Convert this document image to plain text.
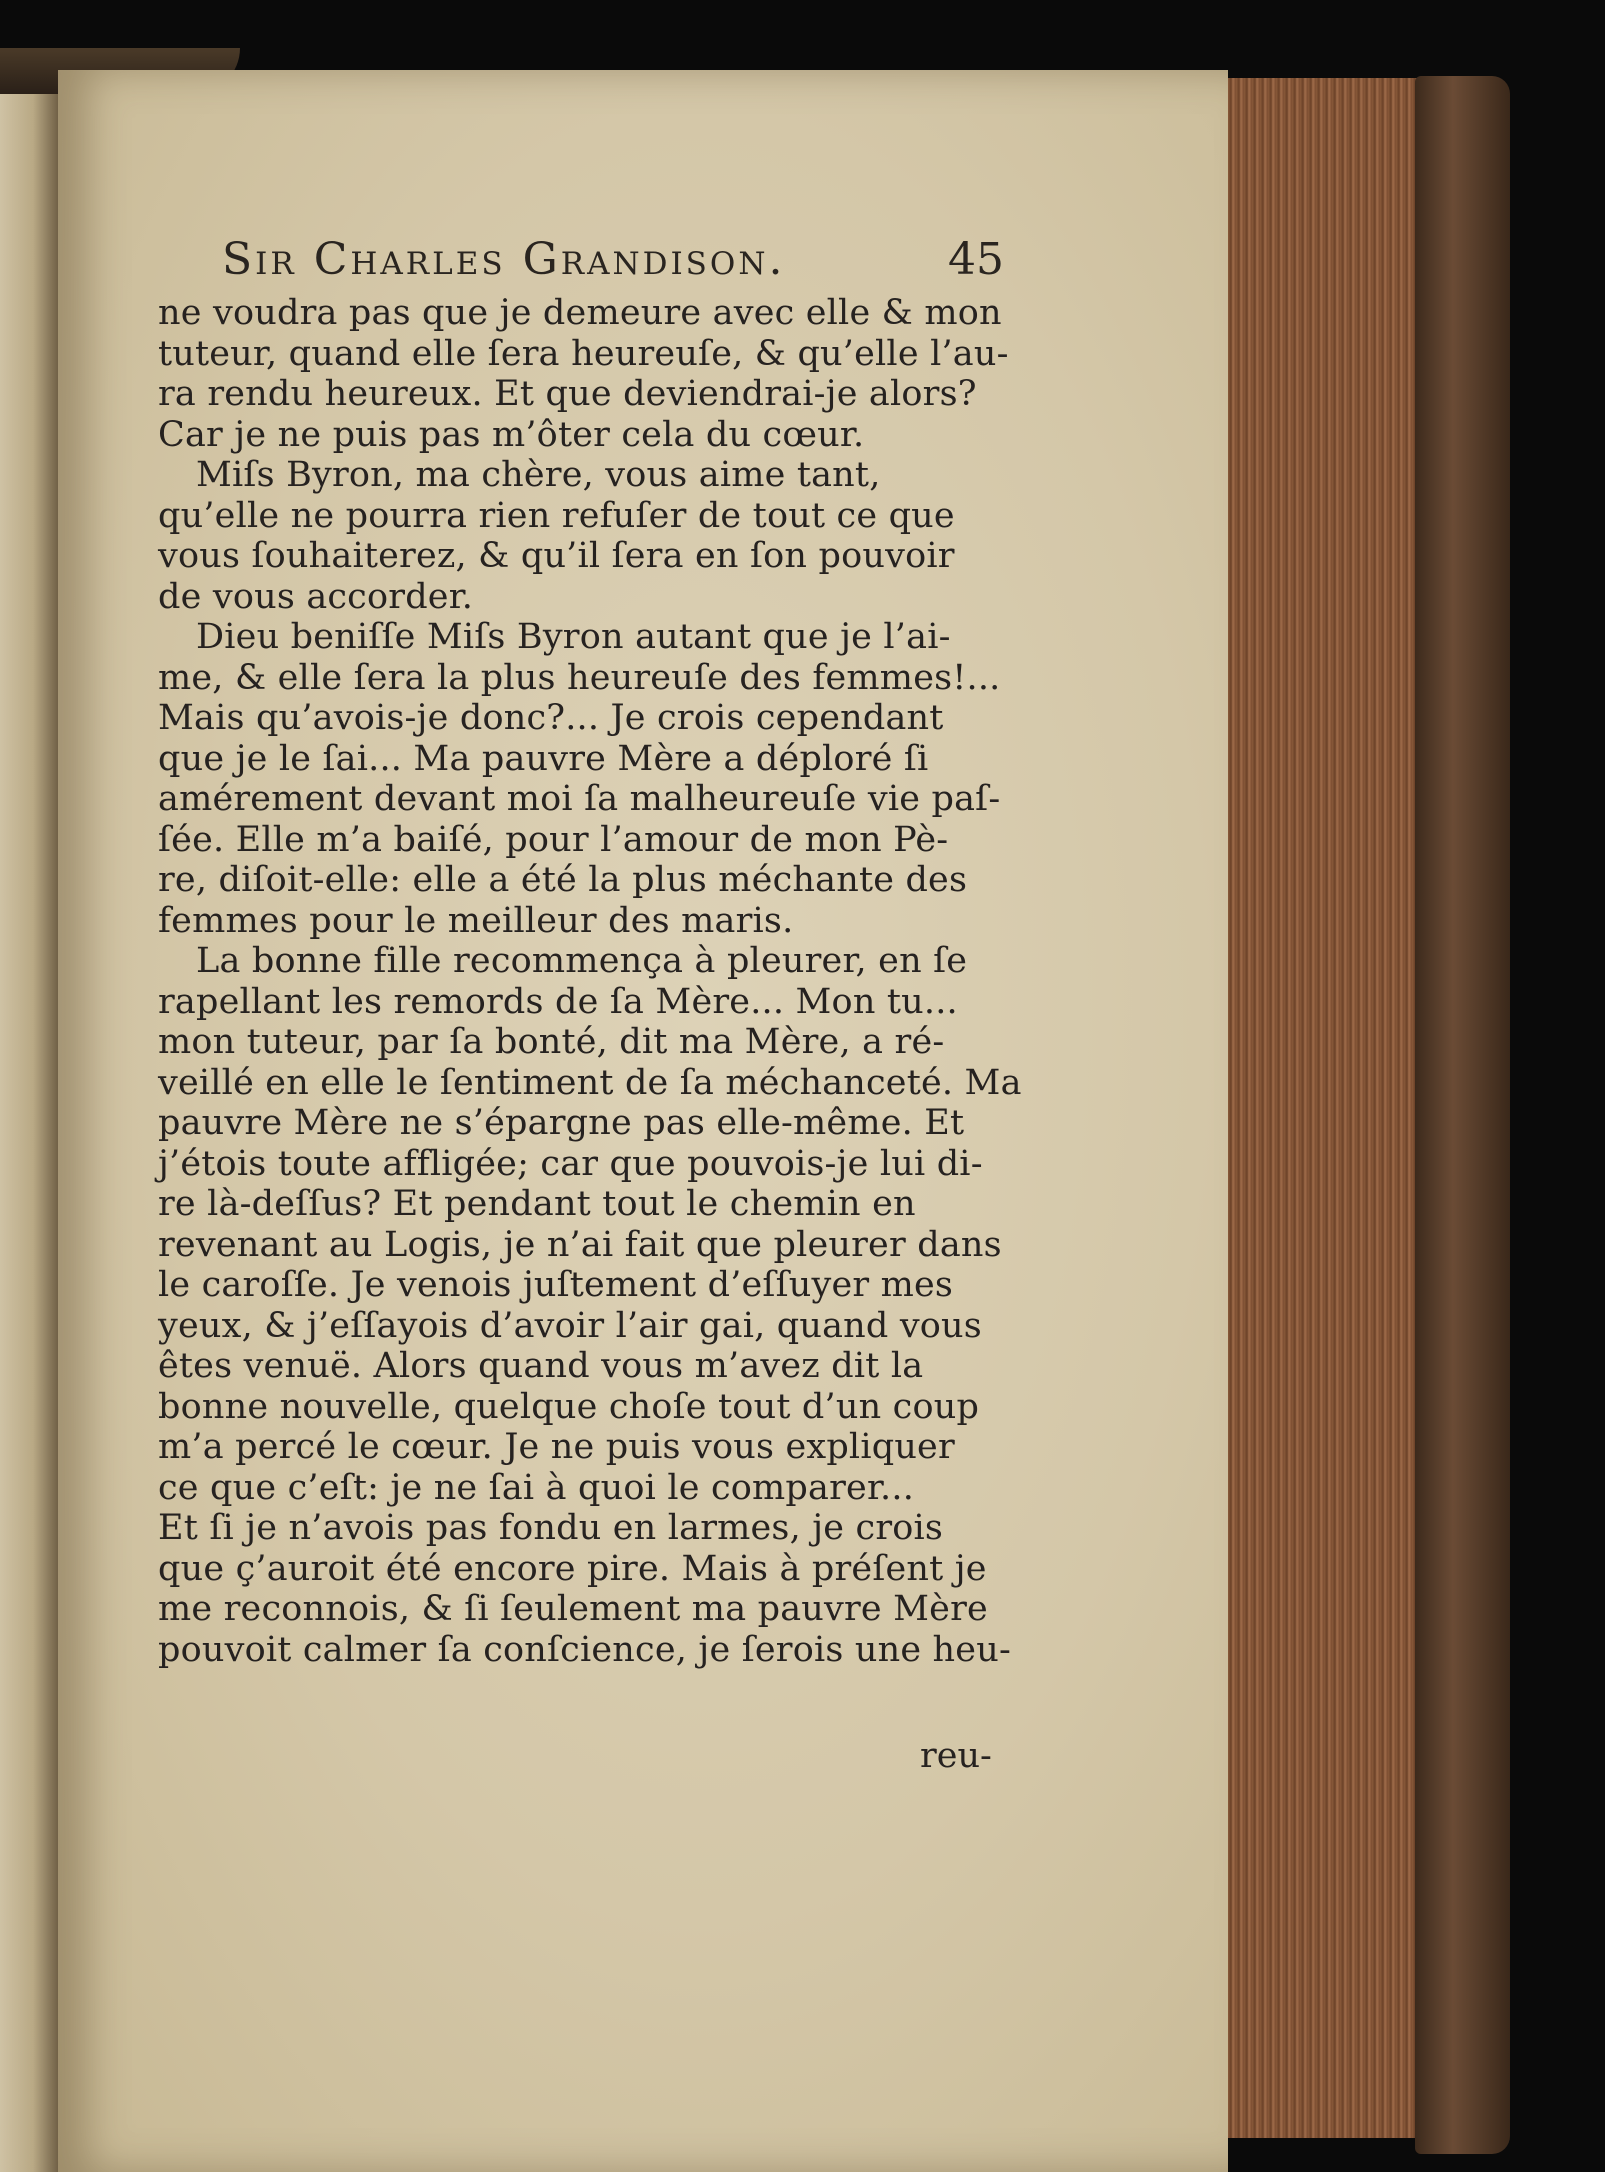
Sir Charles Grandison.	45
ne voudra pas que je demeure avec elle & mon
tuteur, quand elle ſera heureuſe, & qu’elle l’au-
ra rendu heureux. Et que deviendrai-je alors?
Car je ne puis pas m’ôter cela du cœur.
Miſs Byron, ma chère, vous aime tant,
qu’elle ne pourra rien refuſer de tout ce que
vous ſouhaiterez, & qu’il ſera en ſon pouvoir
de vous accorder.
Dieu beniſſe Miſs Byron autant que je l’ai-
me, & elle ſera la plus heureuſe des femmes!...
Mais qu’avois-je donc?... Je crois cependant
que je le ſai... Ma pauvre Mère a déploré ſi
amérement devant moi ſa malheureuſe vie paſ-
ſée. Elle m’a baiſé, pour l’amour de mon Pè-
re, diſoit-elle: elle a été la plus méchante des
femmes pour le meilleur des maris.
La bonne fille recommença à pleurer, en ſe
rapellant les remords de ſa Mère... Mon tu...
mon tuteur, par ſa bonté, dit ma Mère, a ré-
veillé en elle le ſentiment de ſa méchanceté. Ma
pauvre Mère ne s’épargne pas elle-même. Et
j’étois toute affligée; car que pouvois-je lui di-
re là-deſſus? Et pendant tout le chemin en
revenant au Logis, je n’ai fait que pleurer dans
le caroſſe. Je venois juſtement d’eſſuyer mes
yeux, & j’eſſayois d’avoir l’air gai, quand vous
êtes venuë. Alors quand vous m’avez dit la
bonne nouvelle, quelque choſe tout d’un coup
m’a percé le cœur. Je ne puis vous expliquer
ce que c’eſt: je ne ſai à quoi le comparer...
Et ſi je n’avois pas fondu en larmes, je crois
que ç’auroit été encore pire. Mais à préſent je
me reconnois, & ſi ſeulement ma pauvre Mère
pouvoit calmer ſa conſcience, je ſerois une heu-
reu-
